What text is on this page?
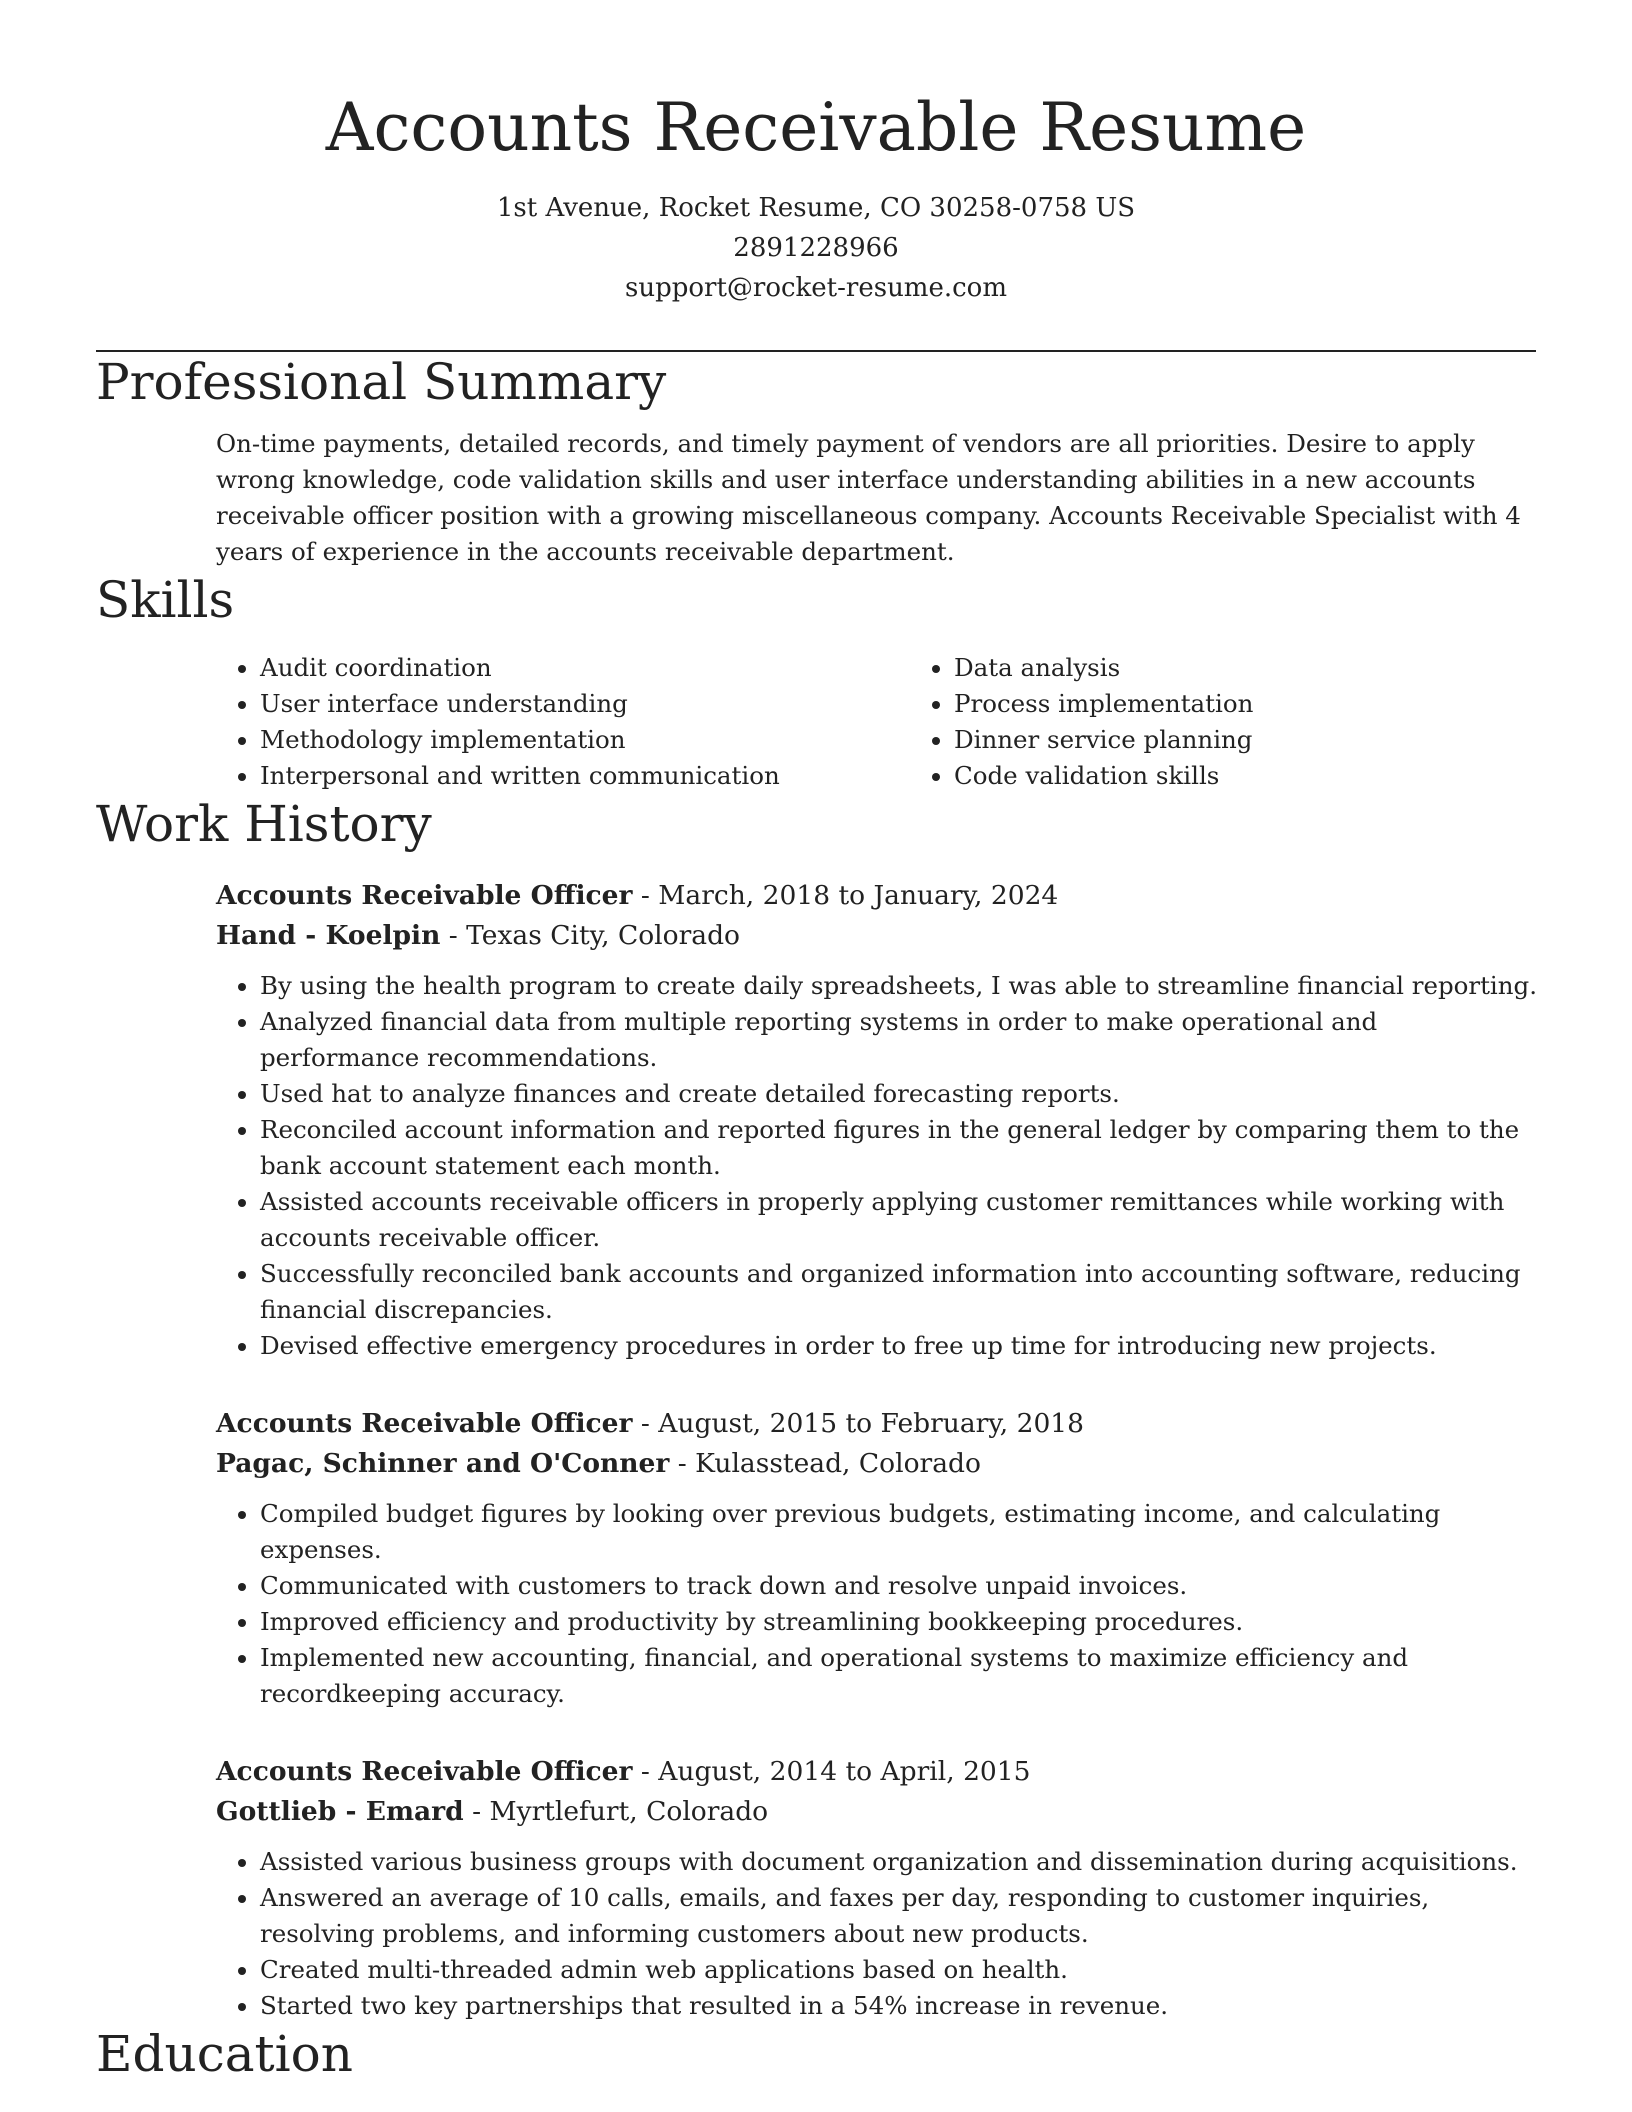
Accounts Receivable Resume
1st Avenue, Rocket Resume, CO 30258-0758 US
2891228966
support@rocket-resume.com
Professional Summary

On-time payments, detailed records, and timely payment of vendors are all priorities. Desire to apply wrong knowledge, code validation skills and user interface understanding abilities in a new accounts receivable officer position with a growing miscellaneous company. Accounts Receivable Specialist with 4 years of experience in the accounts receivable department.

Skills
• Audit coordination
• User interface understanding
• Methodology implementation
• Interpersonal and written communication
• Data analysis
• Process implementation
• Dinner service planning
• Code validation skills
Work History
Accounts Receivable Officer - March, 2018 to January, 2024
Hand - Koelpin - Texas City, Colorado
• By using the health program to create daily spreadsheets, I was able to streamline financial reporting.
• Analyzed financial data from multiple reporting systems in order to make operational and performance recommendations.
• Used hat to analyze finances and create detailed forecasting reports.
• Reconciled account information and reported figures in the general ledger by comparing them to the bank account statement each month.
• Assisted accounts receivable officers in properly applying customer remittances while working with accounts receivable officer.
• Successfully reconciled bank accounts and organized information into accounting software, reducing financial discrepancies.
• Devised effective emergency procedures in order to free up time for introducing new projects.
Accounts Receivable Officer - August, 2015 to February, 2018
Pagac, Schinner and O'Conner - Kulasstead, Colorado
• Compiled budget figures by looking over previous budgets, estimating income, and calculating expenses.
• Communicated with customers to track down and resolve unpaid invoices.
• Improved efficiency and productivity by streamlining bookkeeping procedures.
• Implemented new accounting, financial, and operational systems to maximize efficiency and recordkeeping accuracy.
Accounts Receivable Officer - August, 2014 to April, 2015
Gottlieb - Emard - Myrtlefurt, Colorado
• Assisted various business groups with document organization and dissemination during acquisitions.
• Answered an average of 10 calls, emails, and faxes per day, responding to customer inquiries, resolving problems, and informing customers about new products.
• Created multi-threaded admin web applications based on health.
• Started two key partnerships that resulted in a 54% increase in revenue.
Education
